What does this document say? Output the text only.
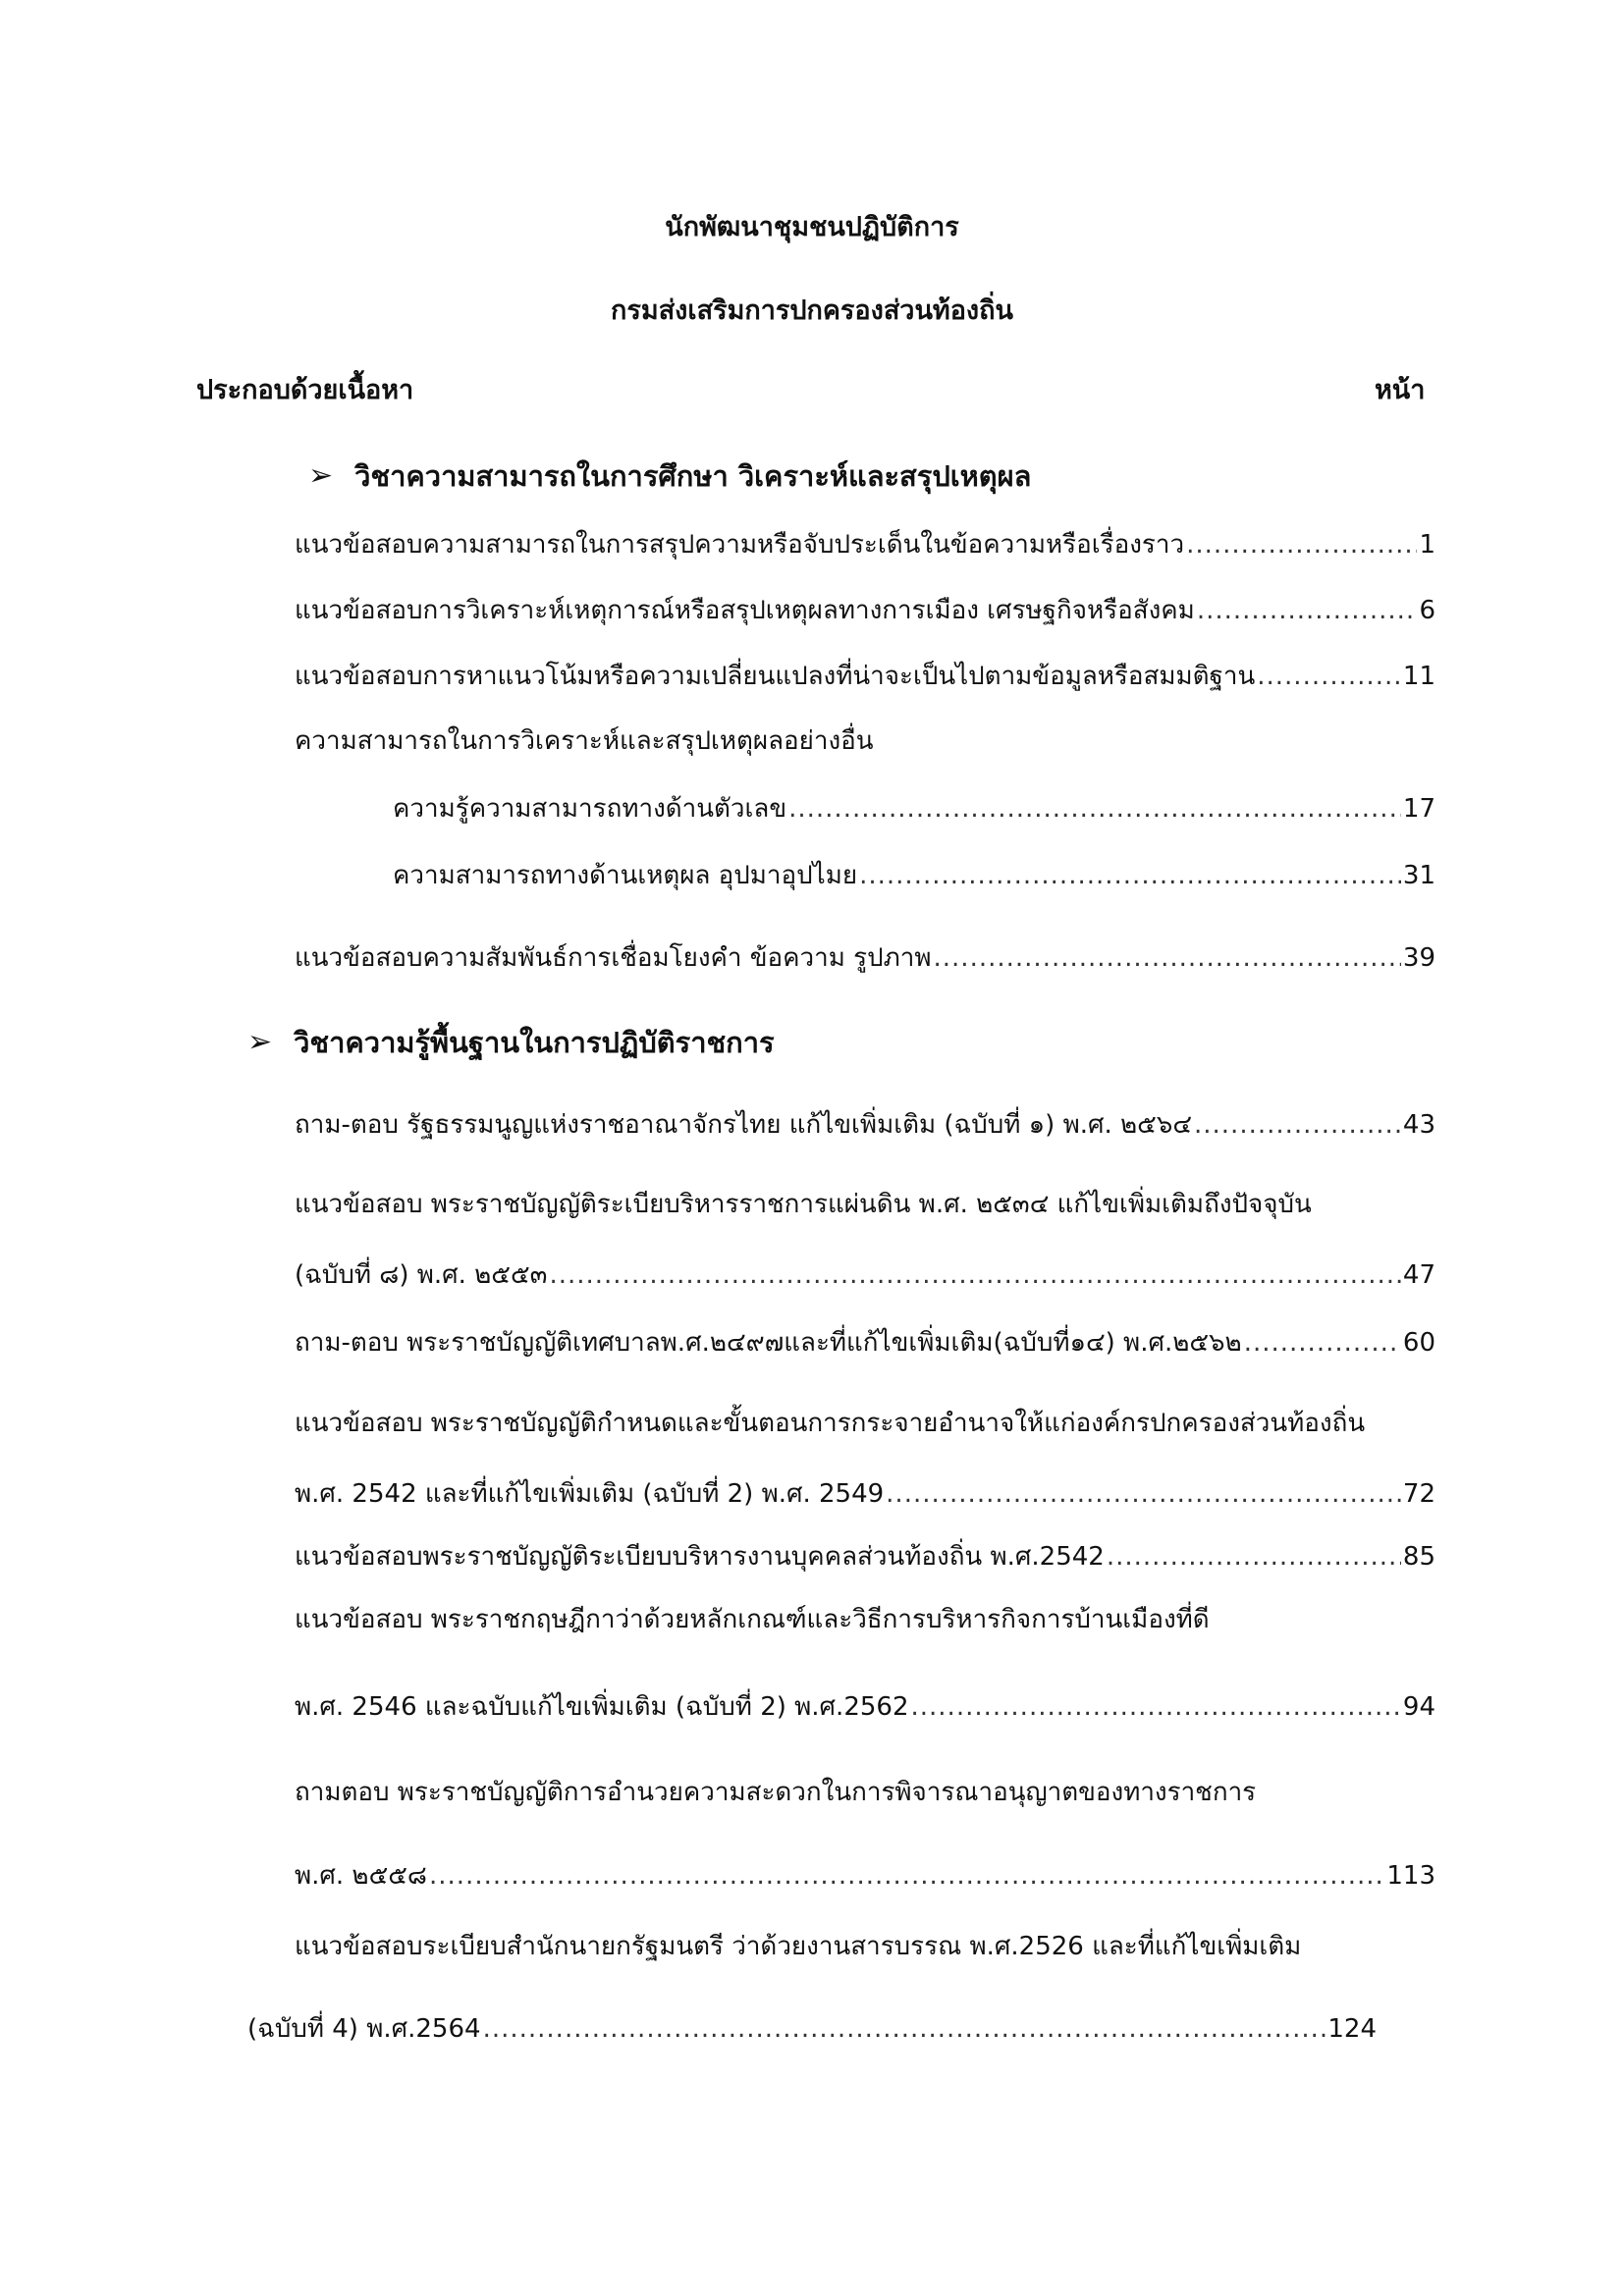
นักพัฒนาชุมชนปฏิบัติการ
กรมส่งเสริมการปกครองส่วนท้องถิ่น
ประกอบด้วยเนื้อหา	หน้า
➢ วิชาความสามารถในการศึกษา วิเคราะห์และสรุปเหตุผล
แนวข้อสอบความสามารถในการสรุปความหรือจับประเด็นในข้อความหรือเรื่องราว .....	1
แนวข้อสอบการวิเคราะห์เหตุการณ์หรือสรุปเหตุผลทางการเมือง เศรษฐกิจหรือสังคม .....	6
แนวข้อสอบการหาแนวโน้มหรือความเปลี่ยนแปลงที่น่าจะเป็นไปตามข้อมูลหรือสมมติฐาน .....	11
ความสามารถในการวิเคราะห์และสรุปเหตุผลอย่างอื่น
ความรู้ความสามารถทางด้านตัวเลข .....	17
ความสามารถทางด้านเหตุผล อุปมาอุปไมย .....	31
แนวข้อสอบความสัมพันธ์การเชื่อมโยงคำ ข้อความ รูปภาพ .....	39
➢ วิชาความรู้พื้นฐานในการปฏิบัติราชการ
ถาม-ตอบ รัฐธรรมนูญแห่งราชอาณาจักรไทย แก้ไขเพิ่มเติม (ฉบับที่ ๑) พ.ศ. ๒๕๖๔ .....	43
แนวข้อสอบ พระราชบัญญัติระเบียบริหารราชการแผ่นดิน พ.ศ. ๒๕๓๔ แก้ไขเพิ่มเติมถึงปัจจุบัน
(ฉบับที่ ๘) พ.ศ. ๒๕๕๓ .....	47
ถาม-ตอบ พระราชบัญญัติเทศบาลพ.ศ.๒๔๙๗และที่แก้ไขเพิ่มเติม(ฉบับที่๑๔) พ.ศ.๒๕๖๒ .....	60
แนวข้อสอบ พระราชบัญญัติกำหนดและขั้นตอนการกระจายอำนาจให้แก่องค์กรปกครองส่วนท้องถิ่น
พ.ศ. 2542 และที่แก้ไขเพิ่มเติม (ฉบับที่ 2) พ.ศ. 2549 .....	72
แนวข้อสอบพระราชบัญญัติระเบียบบริหารงานบุคคลส่วนท้องถิ่น พ.ศ.2542 .....	85
แนวข้อสอบ พระราชกฤษฎีกาว่าด้วยหลักเกณฑ์และวิธีการบริหารกิจการบ้านเมืองที่ดี
พ.ศ. 2546 และฉบับแก้ไขเพิ่มเติม (ฉบับที่ 2) พ.ศ.2562 .....	94
ถามตอบ พระราชบัญญัติการอำนวยความสะดวกในการพิจารณาอนุญาตของทางราชการ
พ.ศ. ๒๕๕๘ .....	113
แนวข้อสอบระเบียบสำนักนายกรัฐมนตรี ว่าด้วยงานสารบรรณ พ.ศ.2526 และที่แก้ไขเพิ่มเติม
(ฉบับที่ 4) พ.ศ.2564 .....	124
